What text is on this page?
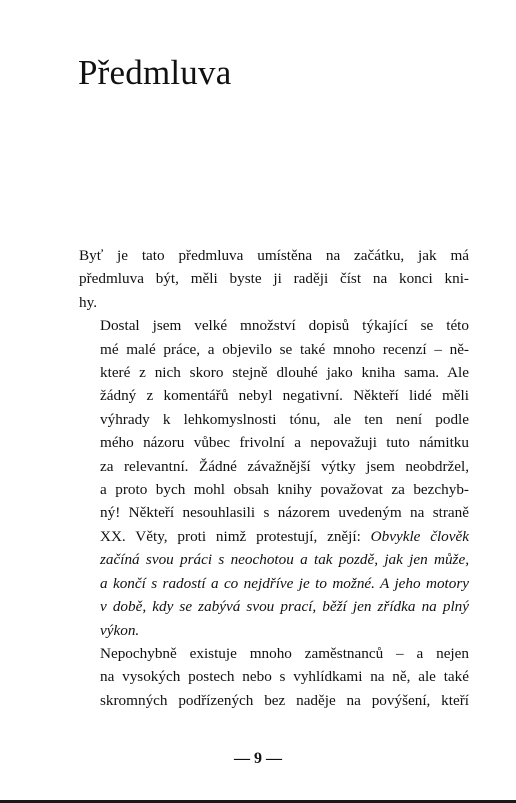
Předmluva

Byť je tato předmluva umístěna na začátku, jak má
předmluva být, měli byste ji raději číst na konci kni-
hy.

Dostal jsem velké množství dopisů týkající se této
mé malé práce, a objevilo se také mnoho recenzí – ně-
které z nich skoro stejně dlouhé jako kniha sama. Ale
žádný z komentářů nebyl negativní. Někteří lidé měli
výhrady k lehkomyslnosti tónu, ale ten není podle
mého názoru vůbec frivolní a nepovažuji tuto námitku
za relevantní. Žádné závažnější výtky jsem neobdržel,
a proto bych mohl obsah knihy považovat za bezchyb-
ný! Někteří nesouhlasili s názorem uvedeným na straně
XX. Věty, proti nimž protestují, znějí: Obvykle člověk
začíná svou práci s neochotou a tak pozdě, jak jen může,
a končí s radostí a co nejdříve je to možné. A jeho motory
v době, kdy se zabývá svou prací, běží jen zřídka na plný
výkon.

Nepochybně existuje mnoho zaměstnanců – a nejen
na vysokých postech nebo s vyhlídkami na ně, ale také
skromných podřízených bez naděje na povýšení, kteří

— 9 —
